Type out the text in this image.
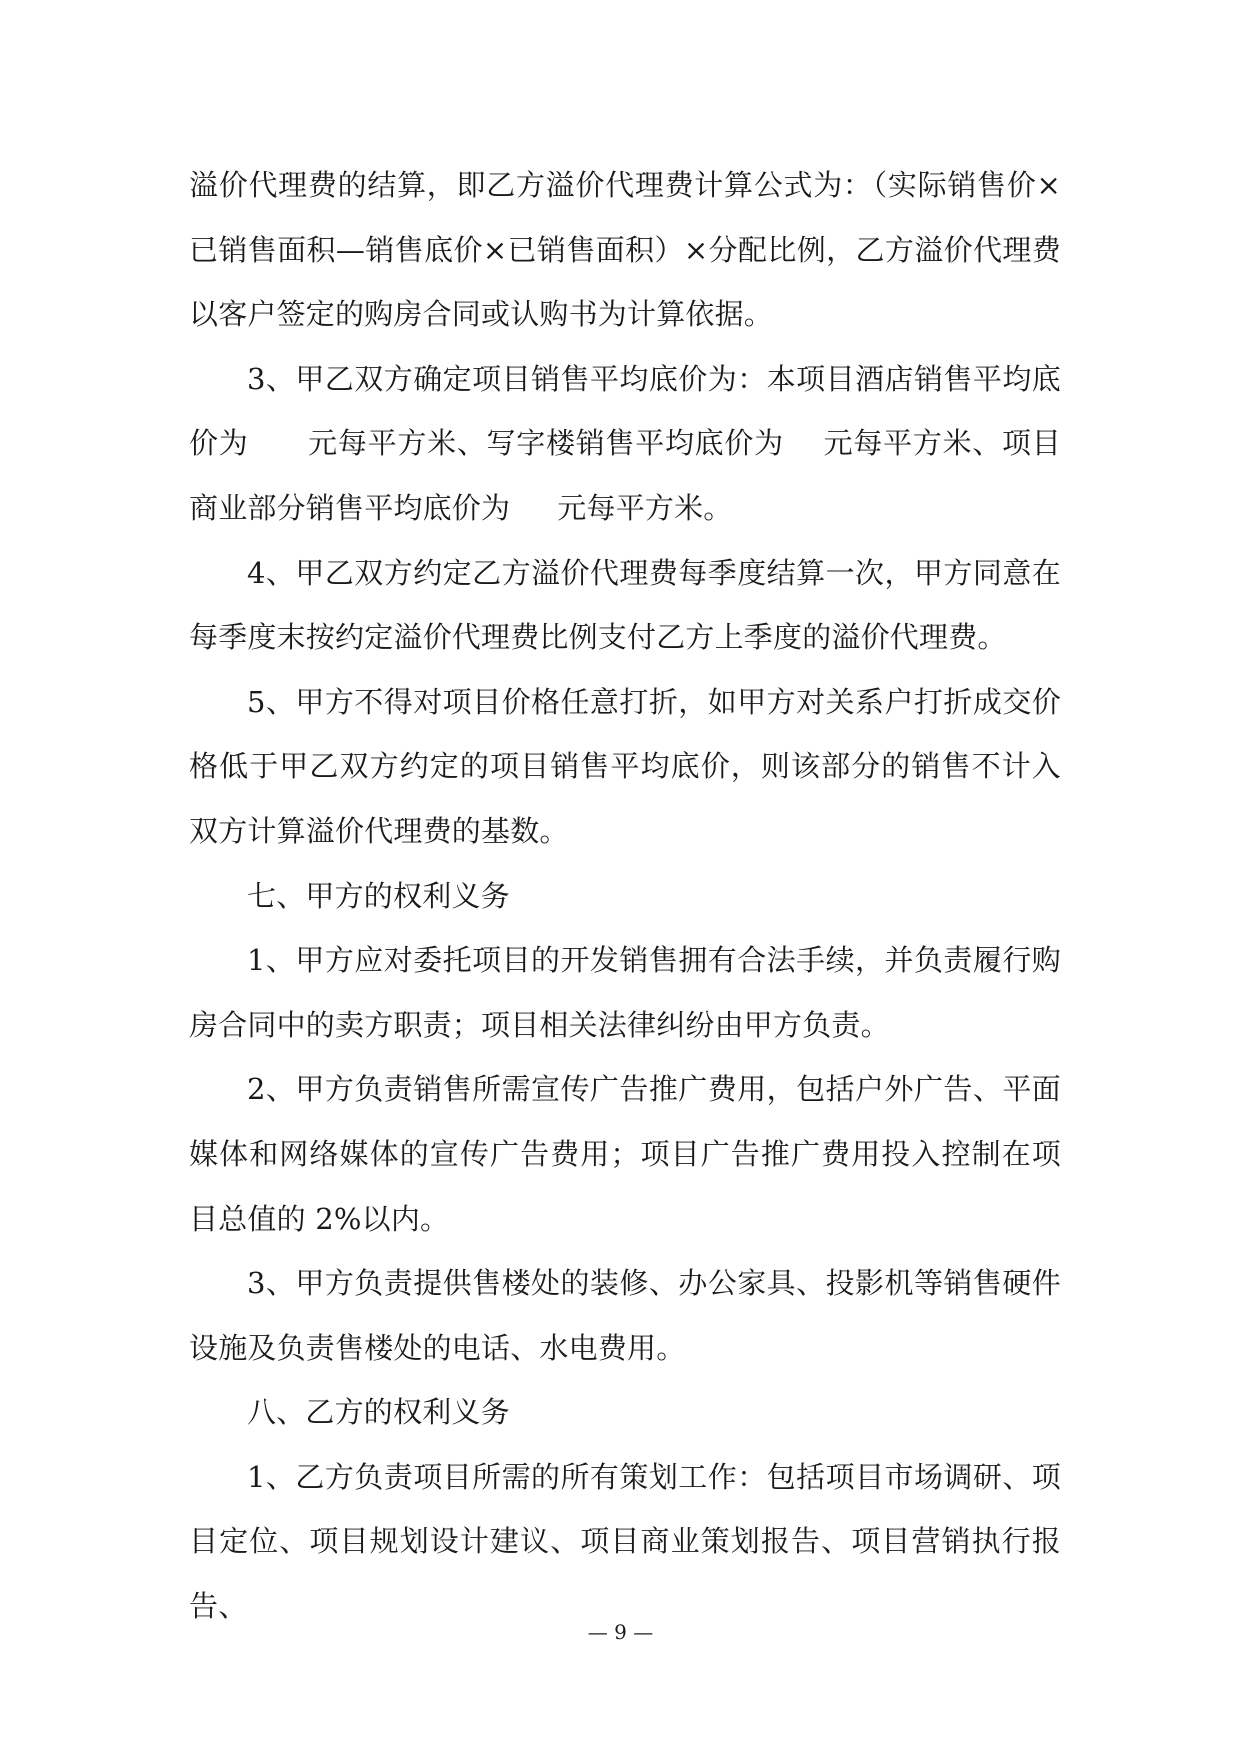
溢价代理费的结算，即乙方溢价代理费计算公式为：（实际销售价×已销售面积—销售底价×已销售面积）×分配比例，乙方溢价代理费以客户签定的购房合同或认购书为计算依据。

3、甲乙双方确定项目销售平均底价为：本项目酒店销售平均底价为      元每平方米、写字楼销售平均底价为    元每平方米、项目商业部分销售平均底价为     元每平方米。

4、甲乙双方约定乙方溢价代理费每季度结算一次，甲方同意在每季度末按约定溢价代理费比例支付乙方上季度的溢价代理费。

5、甲方不得对项目价格任意打折，如甲方对关系户打折成交价格低于甲乙双方约定的项目销售平均底价，则该部分的销售不计入双方计算溢价代理费的基数。

七、甲方的权利义务

1、甲方应对委托项目的开发销售拥有合法手续，并负责履行购房合同中的卖方职责；项目相关法律纠纷由甲方负责。

2、甲方负责销售所需宣传广告推广费用，包括户外广告、平面媒体和网络媒体的宣传广告费用；项目广告推广费用投入控制在项目总值的 2%以内。

3、甲方负责提供售楼处的装修、办公家具、投影机等销售硬件设施及负责售楼处的电话、水电费用。

八、乙方的权利义务

1、乙方负责项目所需的所有策划工作：包括项目市场调研、项目定位、项目规划设计建议、项目商业策划报告、项目营销执行报告、

— 9 —
